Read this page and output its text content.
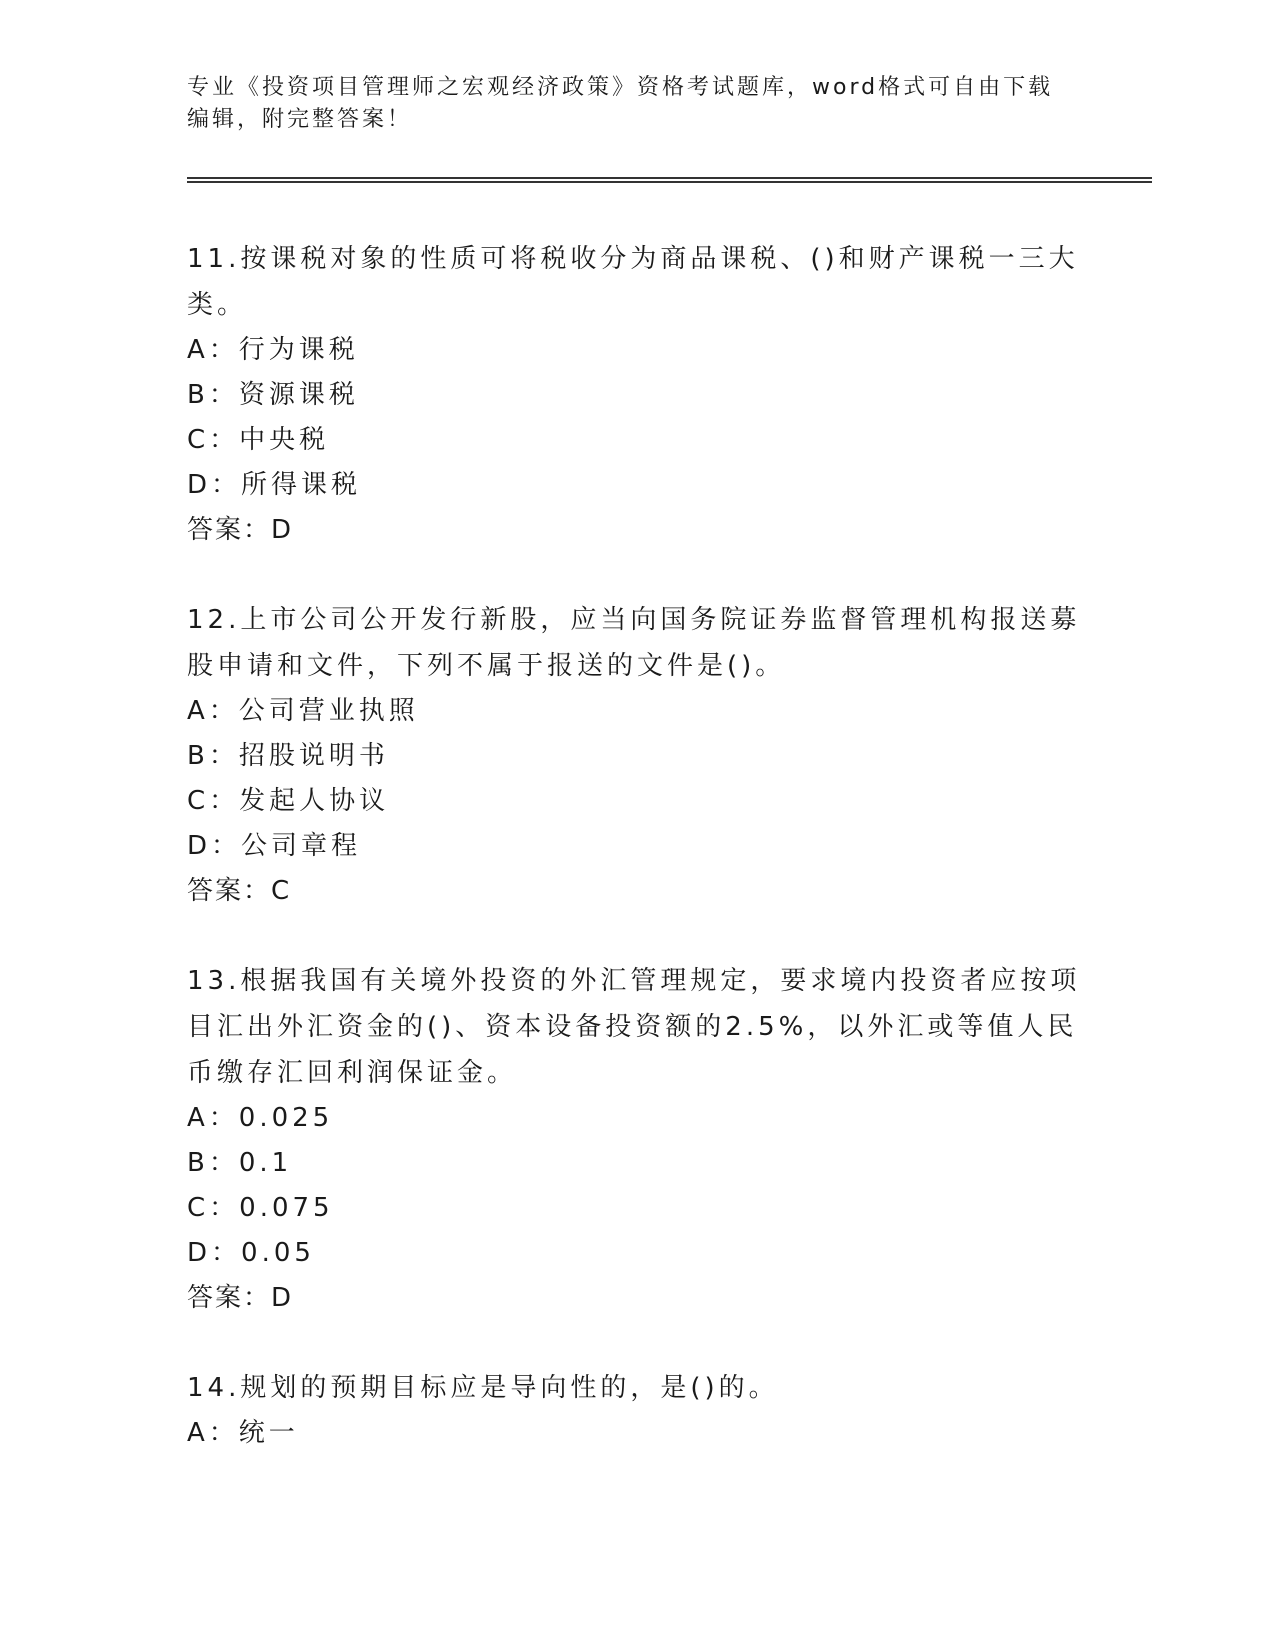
专业《投资项目管理师之宏观经济政策》资格考试题库，word格式可自由下载编辑，附完整答案！

11.按课税对象的性质可将税收分为商品课税、()和财产课税一三大类。

A：行为课税

B：资源课税

C：中央税

D：所得课税

答案：D

12.上市公司公开发行新股，应当向国务院证券监督管理机构报送募股申请和文件，下列不属于报送的文件是()。

A：公司营业执照

B：招股说明书

C：发起人协议

D：公司章程

答案：C

13.根据我国有关境外投资的外汇管理规定，要求境内投资者应按项目汇出外汇资金的()、资本设备投资额的2.5%，以外汇或等值人民币缴存汇回利润保证金。

A：0.025

B：0.1

C：0.075

D：0.05

答案：D

14.规划的预期目标应是导向性的，是()的。

A：统一
